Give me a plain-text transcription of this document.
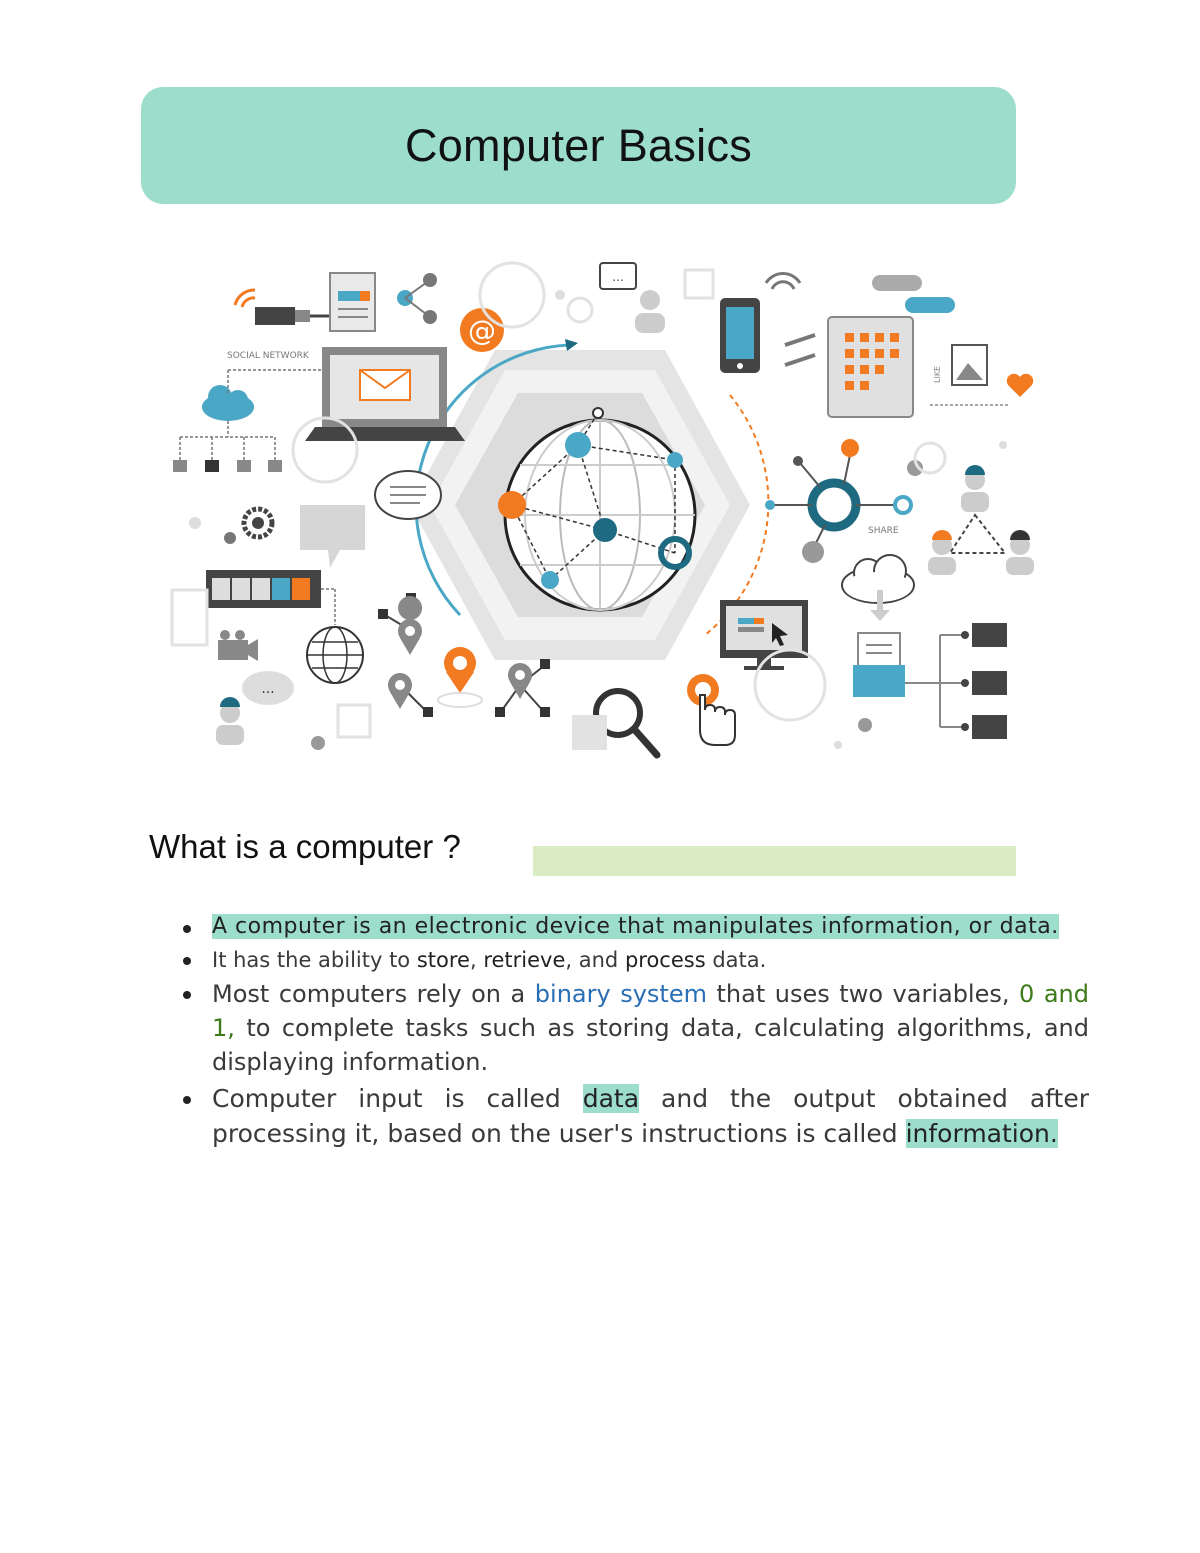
Computer Basics
@
...
LIKE
SOCIAL NETWORK
...
SHARE
What is a computer ?
A computer is an electronic device that manipulates information, or data.
It has the ability to store, retrieve, and process data.
Most computers rely on a binary system that uses two variables, 0 and 1, to complete tasks such as storing data, calculating algorithms, and displaying information.
Computer input is called data and the output obtained after processing it, based on the user's instructions is called information.
